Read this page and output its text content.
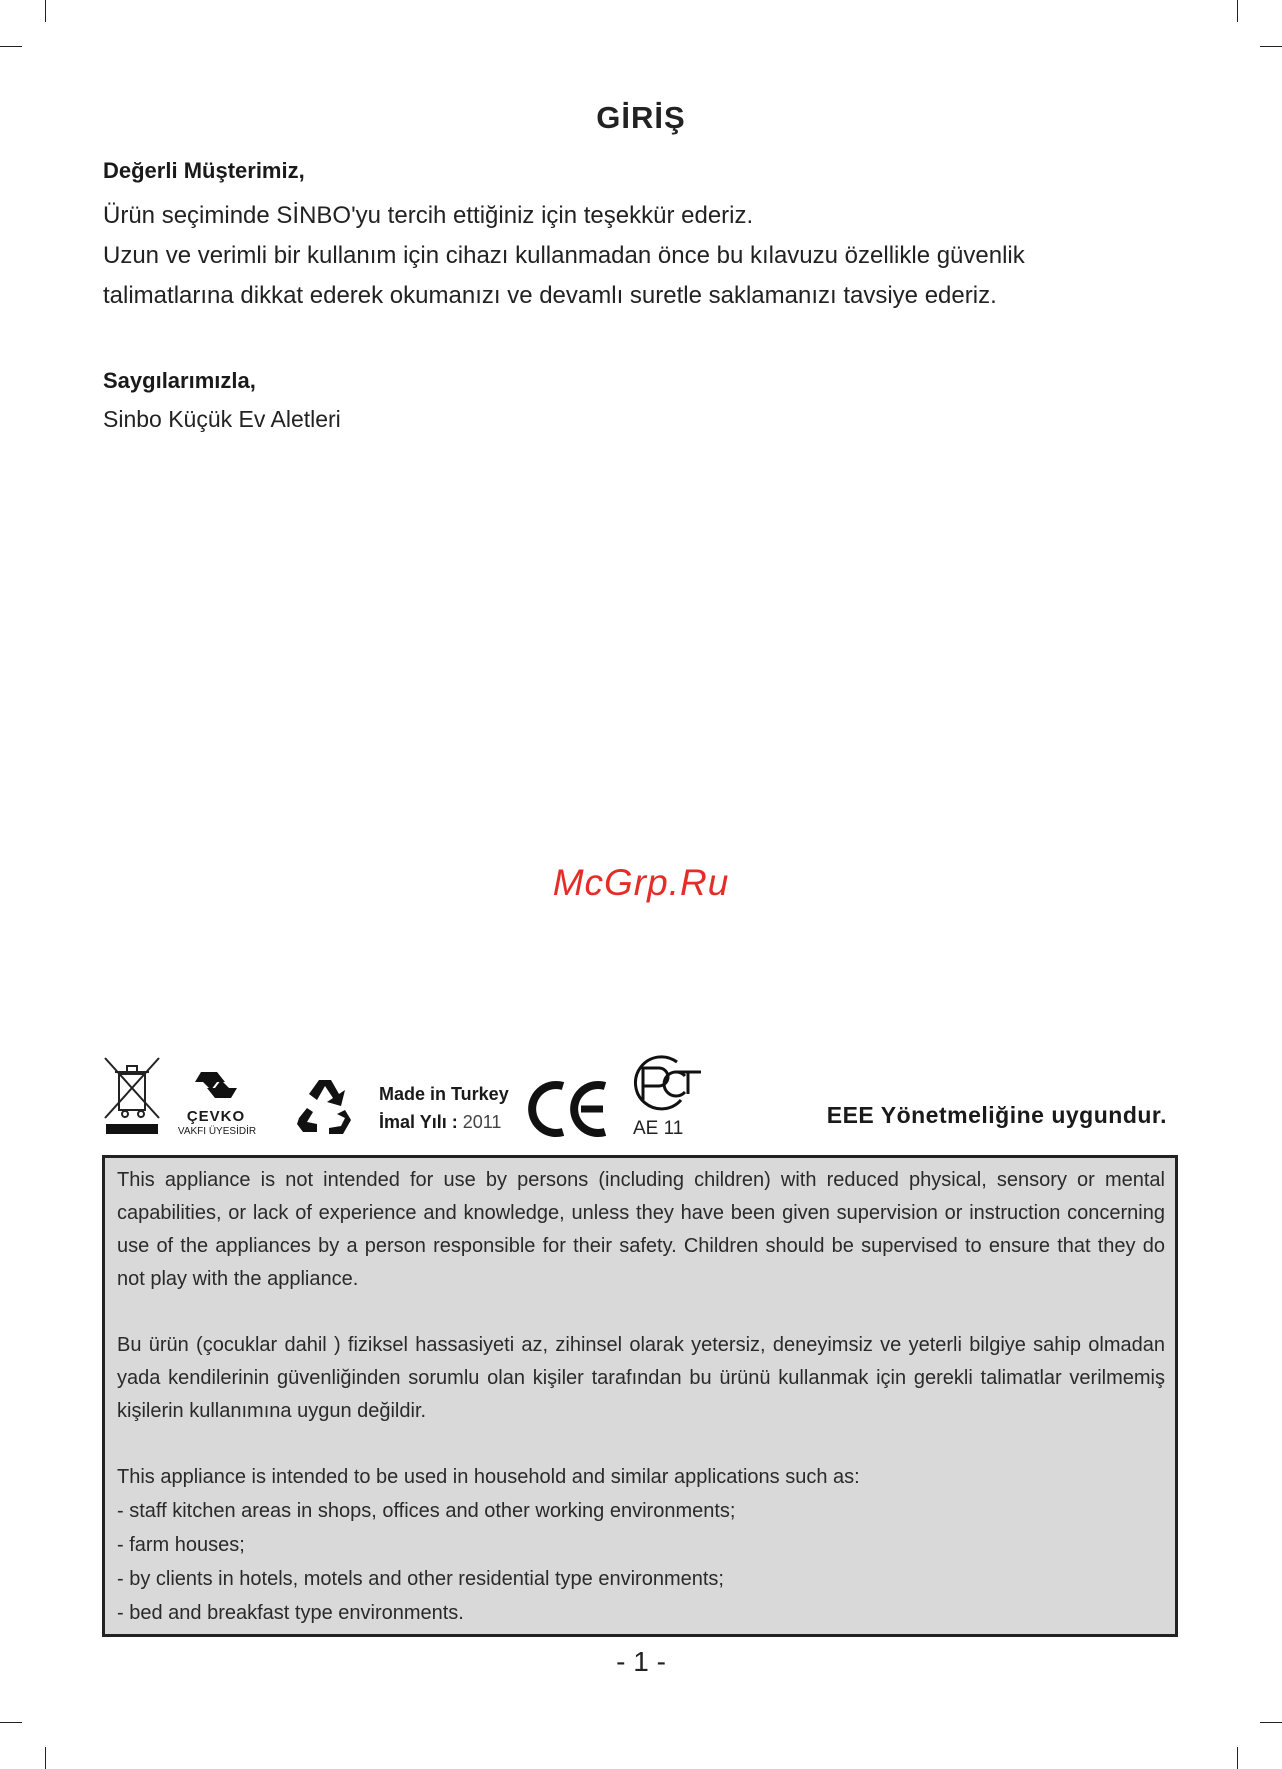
GİRİŞ

Değerli Müşterimiz,

Ürün seçiminde SİNBO'yu tercih ettiğiniz için teşekkür ederiz.

Uzun ve verimli bir kullanım için cihazı kullanmadan önce bu kılavuzu özellikle güvenlik

talimatlarına dikkat ederek okumanızı ve devamlı suretle saklamanızı tavsiye ederiz.

Saygılarımızla,

Sinbo Küçük Ev Aletleri

McGrp.Ru
ÇEVKO
VAKFI ÜYESİDİR
Made in Turkey
İmal Yılı : 2011	AE 11
EEE Yönetmeliğine uygundur.

This appliance is not intended for use by persons (including children) with reduced physical, sensory or mental capabilities, or lack of experience and knowledge, unless they have been given supervision or instruction concerning use of the appliances by a person responsible for their safety. Children should be supervised to ensure that they do not play with the appliance.

Bu ürün (çocuklar dahil ) fiziksel hassasiyeti az, zihinsel olarak yetersiz, deneyimsiz ve yeterli bilgiye sahip olmadan yada kendilerinin güvenliğinden sorumlu olan kişiler tarafından bu ürünü kullanmak için gerekli talimatlar verilmemiş kişilerin kullanımına uygun değildir.

This appliance is intended to be used in household and similar applications such as:

- staff kitchen areas in shops, offices and other working environments;
- farm houses;
- by clients in hotels, motels and other residential type environments;
- bed and breakfast type environments.
- 1 -
